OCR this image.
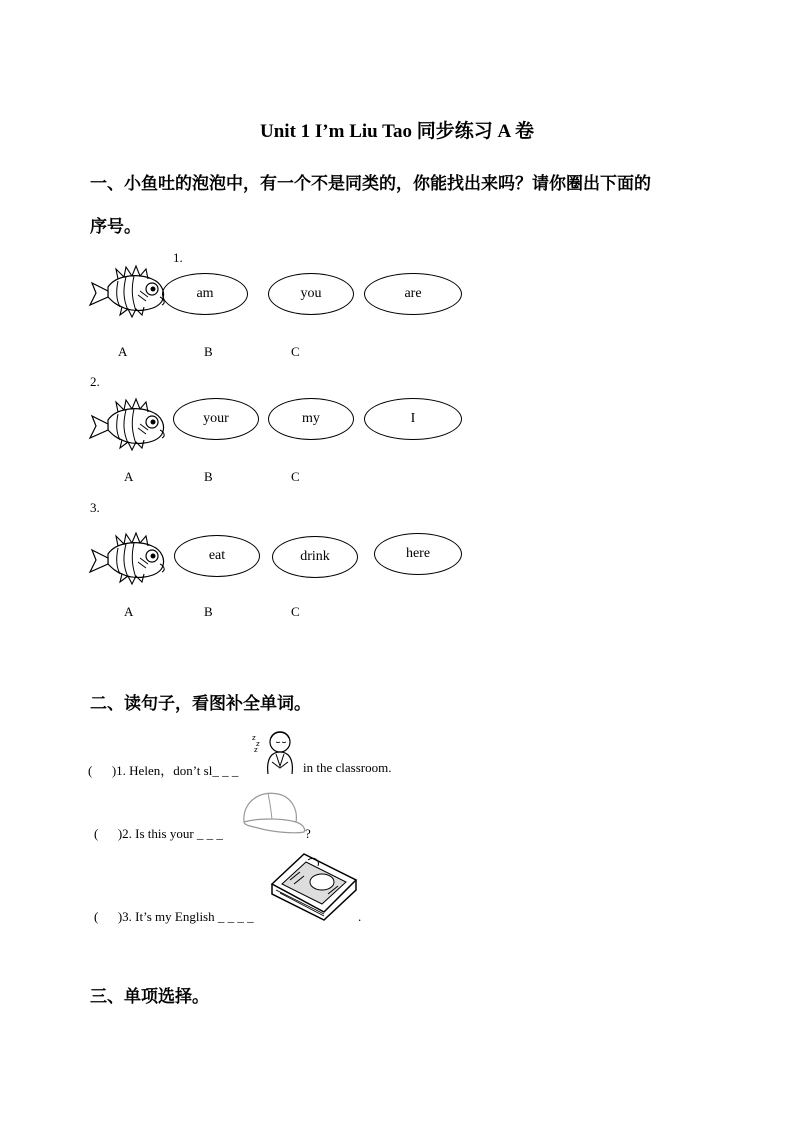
Unit 1 I’m Liu Tao 同步练习 A 卷
一、小鱼吐的泡泡中，有一个不是同类的，你能找出来吗？请你圈出下面的
序号。
1.
am	you	are
A	B	C
2.
your	my	I
A	B	C
3.
eat	drink	here
A	B	C
二、读句子，看图补全单词。
(      )1. Helen，don’t sl_ _ _
z
z
z
in the classroom.
(      )2. Is this your _ _ _	?
(      )3. It’s my English _ _ _ _	.
三、单项选择。
